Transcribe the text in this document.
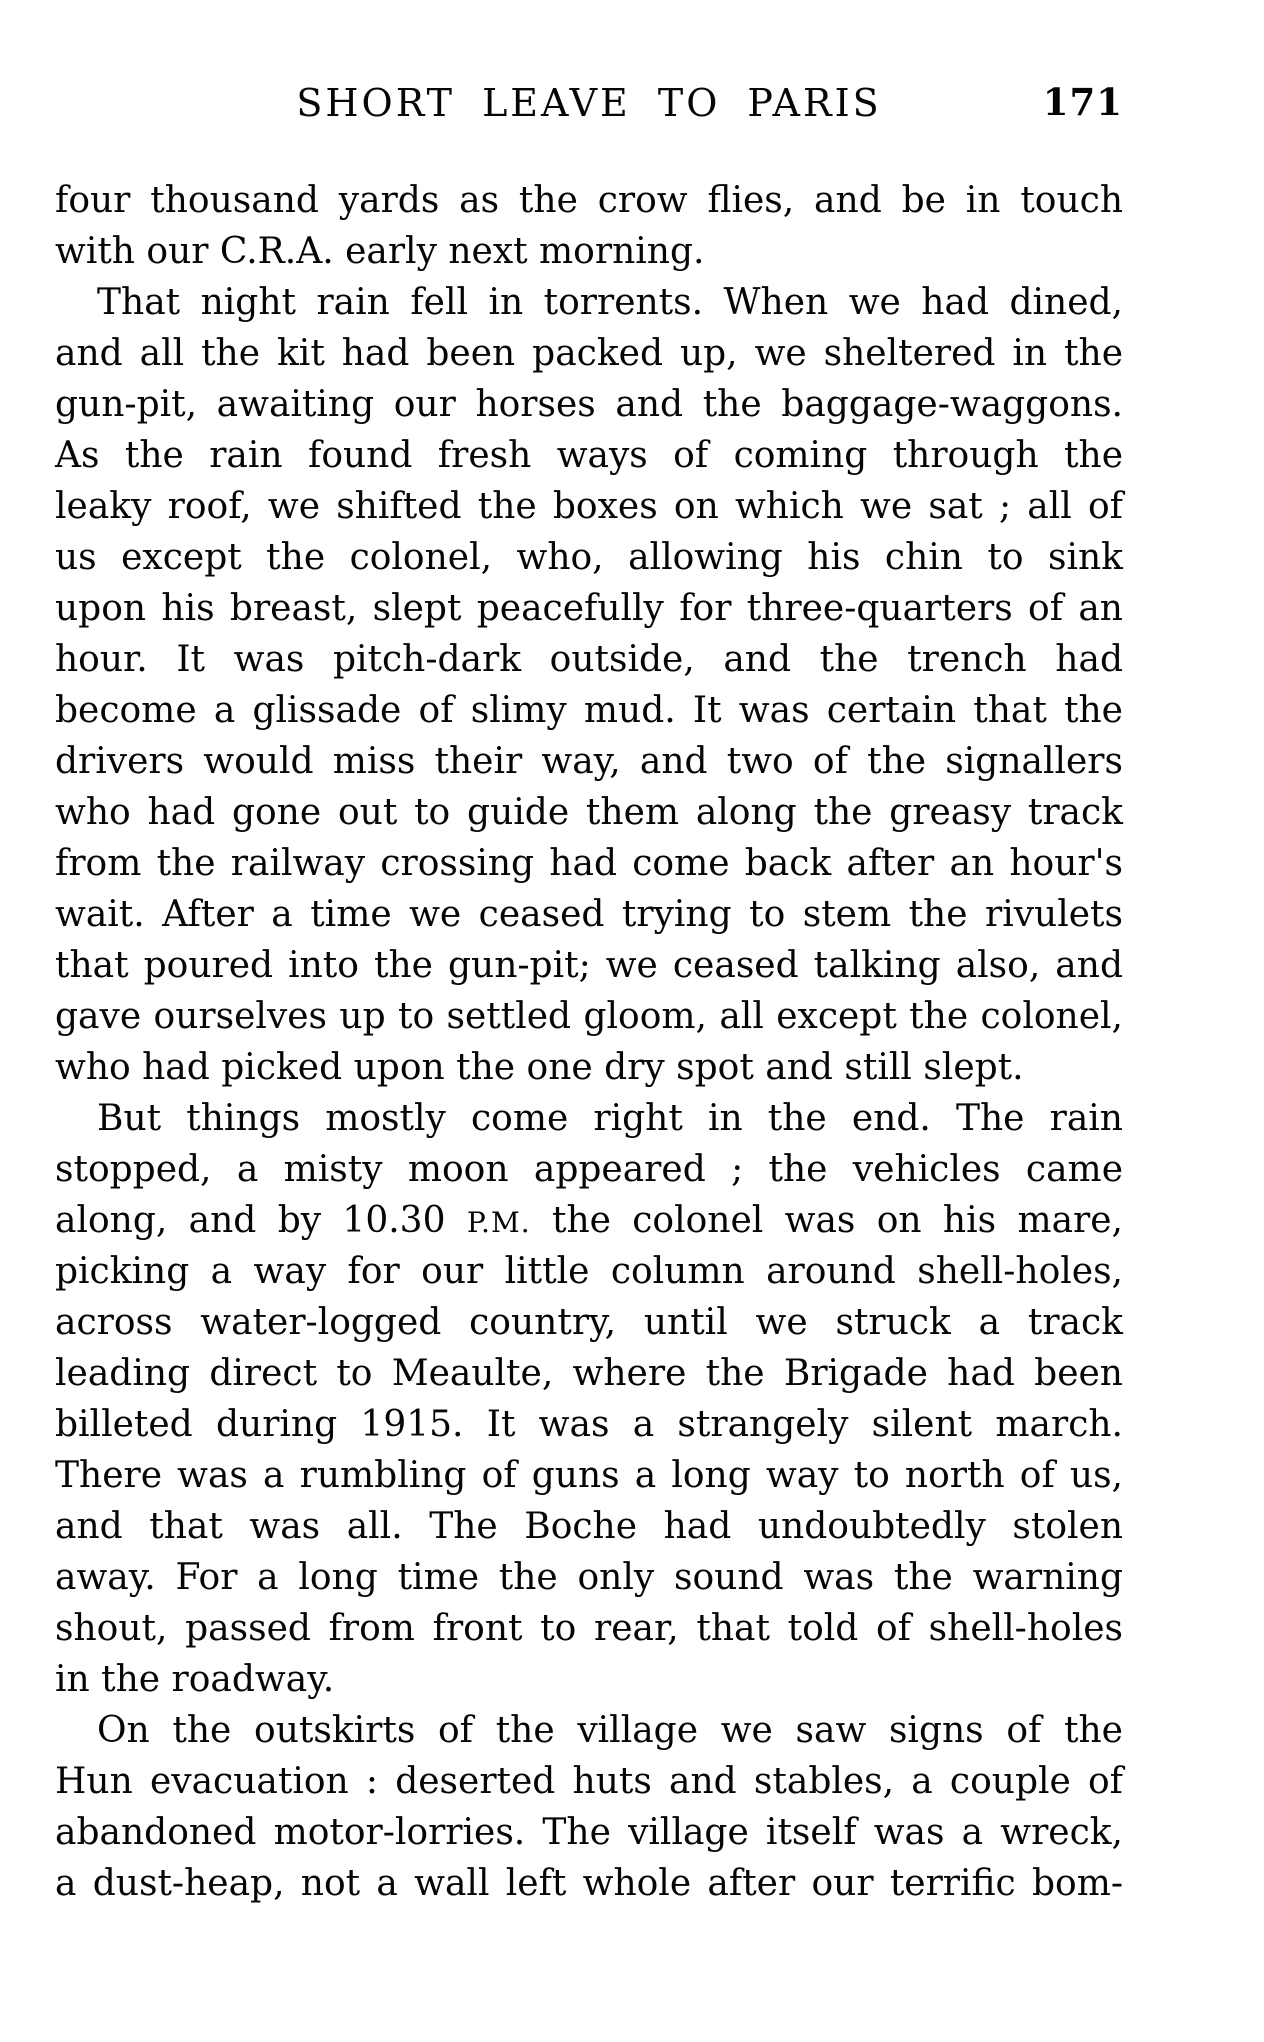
SHORT LEAVE TO PARIS	171
four thousand yards as the crow flies, and be in touch
with our C.R.A. early next morning.
That night rain fell in torrents. When we had dined,
and all the kit had been packed up, we sheltered in the
gun-pit, awaiting our horses and the baggage-waggons.
As the rain found fresh ways of coming through the
leaky roof, we shifted the boxes on which we sat ; all of
us except the colonel, who, allowing his chin to sink
upon his breast, slept peacefully for three-quarters of an
hour. It was pitch-dark outside, and the trench had
become a glissade of slimy mud. It was certain that the
drivers would miss their way, and two of the signallers
who had gone out to guide them along the greasy track
from the railway crossing had come back after an hour's
wait. After a time we ceased trying to stem the rivulets
that poured into the gun-pit; we ceased talking also, and
gave ourselves up to settled gloom, all except the colonel,
who had picked upon the one dry spot and still slept.
But things mostly come right in the end. The rain
stopped, a misty moon appeared ; the vehicles came
along, and by 10.30 P.M. the colonel was on his mare,
picking a way for our little column around shell-holes,
across water-logged country, until we struck a track
leading direct to Meaulte, where the Brigade had been
billeted during 1915. It was a strangely silent march.
There was a rumbling of guns a long way to north of us,
and that was all. The Boche had undoubtedly stolen
away. For a long time the only sound was the warning
shout, passed from front to rear, that told of shell-holes
in the roadway.
On the outskirts of the village we saw signs of the
Hun evacuation : deserted huts and stables, a couple of
abandoned motor-lorries. The village itself was a wreck,
a dust-heap, not a wall left whole after our terrific bom-
